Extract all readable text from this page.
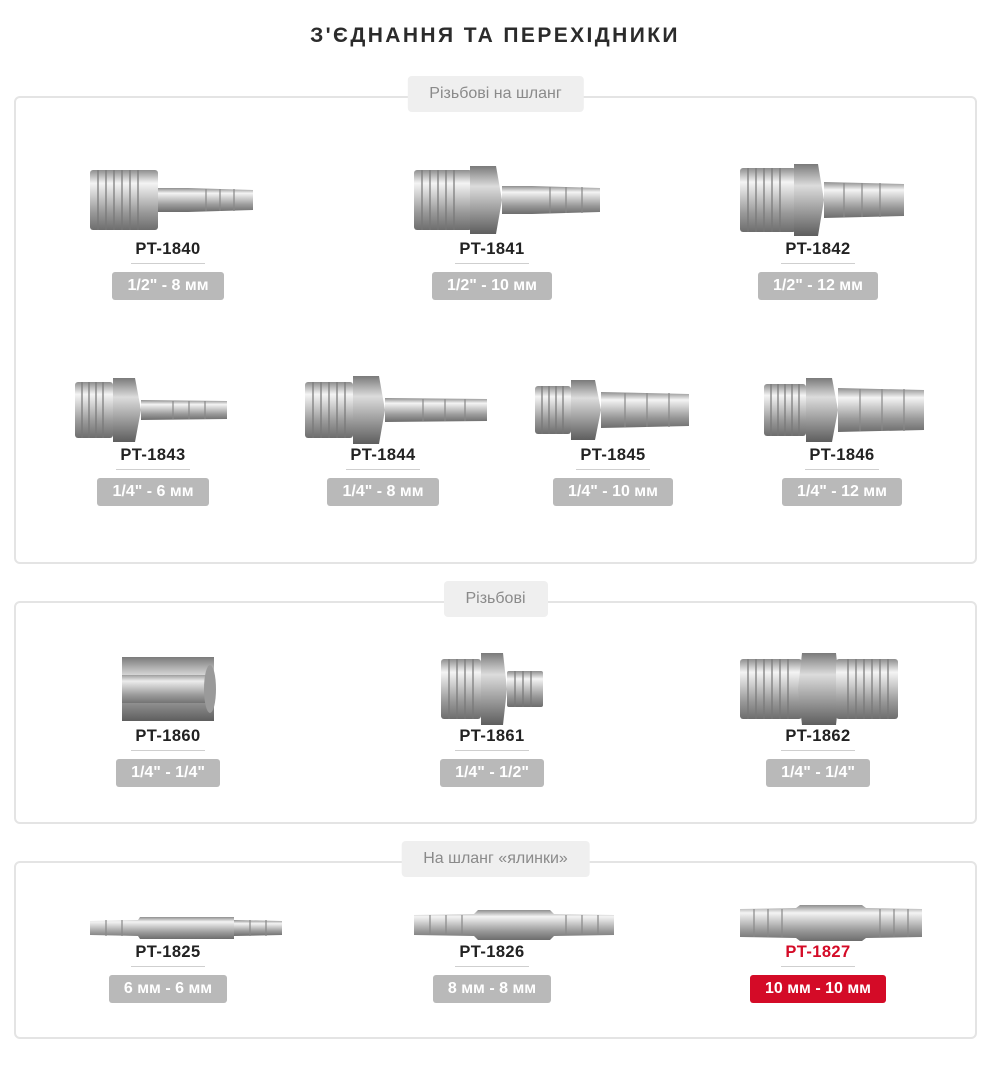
З'ЄДНАННЯ ТА ПЕРЕХІДНИКИ
Різьбові на шланг
PT-1840
1/2" - 8 мм
PT-1841
1/2" - 10 мм
PT-1842
1/2" - 12 мм
PT-1843
1/4" - 6 мм
PT-1844
1/4" - 8 мм
PT-1845
1/4" - 10 мм
PT-1846
1/4" - 12 мм
Різьбові
PT-1860
1/4" - 1/4"
PT-1861
1/4" - 1/2"
PT-1862
1/4" - 1/4"
На шланг «ялинки»
PT-1825
6 мм - 6 мм
PT-1826
8 мм - 8 мм
PT-1827
10 мм - 10 мм
